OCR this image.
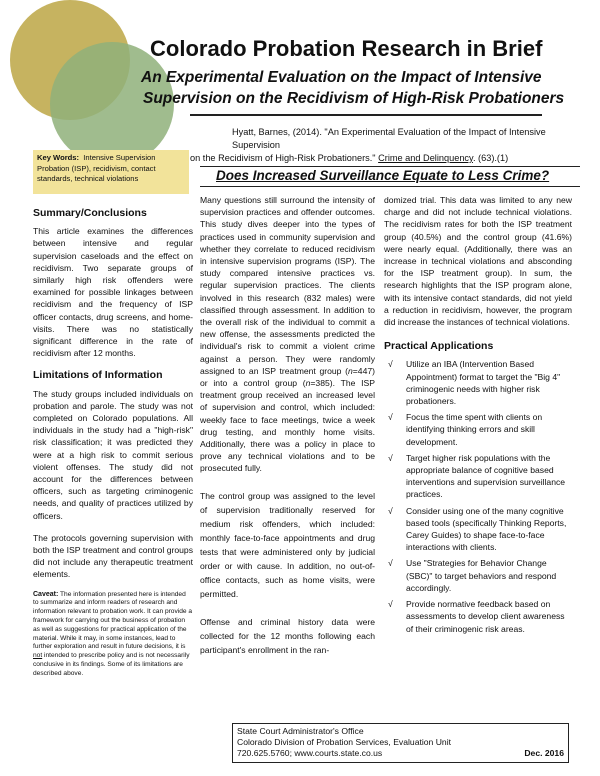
Colorado Probation Research in Brief
An Experimental Evaluation on the Impact of Intensive
Supervision on the Recidivism of High-Risk Probationers
Hyatt, Barnes, (2014). "An Experimental Evaluation of the Impact of Intensive Supervision

on the Recidivism of High-Risk Probationers." Crime and Delinquency. (63).(1)
Key Words: Intensive Supervision Probation (ISP), recidivism, contact standards, technical violations	Does Increased Surveillance Equate to Less Crime?
Summary/Conclusions

This article examines the differences between intensive and regular supervision caseloads and the effect on recidivism. Two separate groups of similarly high risk offenders were examined for possible linkages between recidivism and the frequency of ISP officer contacts, drug screens, and home-visits. There was no statistically significant difference in the rate of recidivism after 12 months.

Limitations of Information

The study groups included individuals on probation and parole. The study was not completed on Colorado populations. All individuals in the study had a "high-risk" risk classification; it was predicted they were at a high risk to commit serious violent offenses. The study did not account for the differences between officers, such as targeting criminogenic needs, and quality of practices utilized by officers.

The protocols governing supervision with both the ISP treatment and control groups did not include any therapeutic treatment elements.

Caveat: The information presented here is intended to summarize and inform readers of research and information relevant to probation work. It can provide a framework for carrying out the business of probation as well as suggestions for practical application of the material. While it may, in some instances, lead to further exploration and result in future decisions, it is not intended to prescribe policy and is not necessarily conclusive in its findings. Some of its limitations are described above.

Many questions still surround the intensity of supervision practices and offender outcomes. This study dives deeper into the types of practices used in community supervision and whether they correlate to reduced recidivism in intensive supervision programs (ISP). The study compared intensive practices vs. regular supervision practices. The clients involved in this research (832 males) were classified through assessment. In addition to the overall risk of the individual to commit a new offense, the assessments predicted the individual's risk to commit a violent crime against a person. They were randomly assigned to an ISP treatment group (n=447) or into a control group (n=385). The ISP treatment group received an increased level of supervision and control, which included: weekly face to face meetings, twice a week drug testing, and monthly home visits. Additionally, there was a policy in place to prove any technical violations and to be prosecuted fully.

The control group was assigned to the level of supervision traditionally reserved for medium risk offenders, which included: monthly face-to-face appointments and drug tests that were administered only by judicial order or with cause. In addition, no out-of-office contacts, such as home visits, were permitted.

Offense and criminal history data were collected for the 12 months following each participant's enrollment in the ran-

domized trial. This data was limited to any new charge and did not include technical violations. The recidivism rates for both the ISP treatment group (40.5%) and the control group (41.6%) were nearly equal. (Additionally, there was an increase in technical violations and absconding for the ISP treatment group). In sum, the research highlights that the ISP program alone, with its intensive contact standards, did not yield a reduction in recidivism, however, the program did increase the instances of technical violations.

Practical Applications
√ Utilize an IBA (Intervention Based Appointment) format to target the "Big 4" criminogenic needs with higher risk probationers.
√ Focus the time spent with clients on identifying thinking errors and skill development.
√ Target higher risk populations with the appropriate balance of cognitive based interventions and supervision surveillance practices.
√ Consider using one of the many cognitive based tools (specifically Thinking Reports, Carey Guides) to shape face-to-face interactions with clients.
√ Use "Strategies for Behavior Change (SBC)" to target behaviors and respond accordingly.
√ Provide normative feedback based on assessments to develop client awareness of their criminogenic risk areas.
State Court Administrator's Office
Colorado Division of Probation Services, Evaluation Unit
720.625.5760; www.courts.state.co.us	Dec. 2016
